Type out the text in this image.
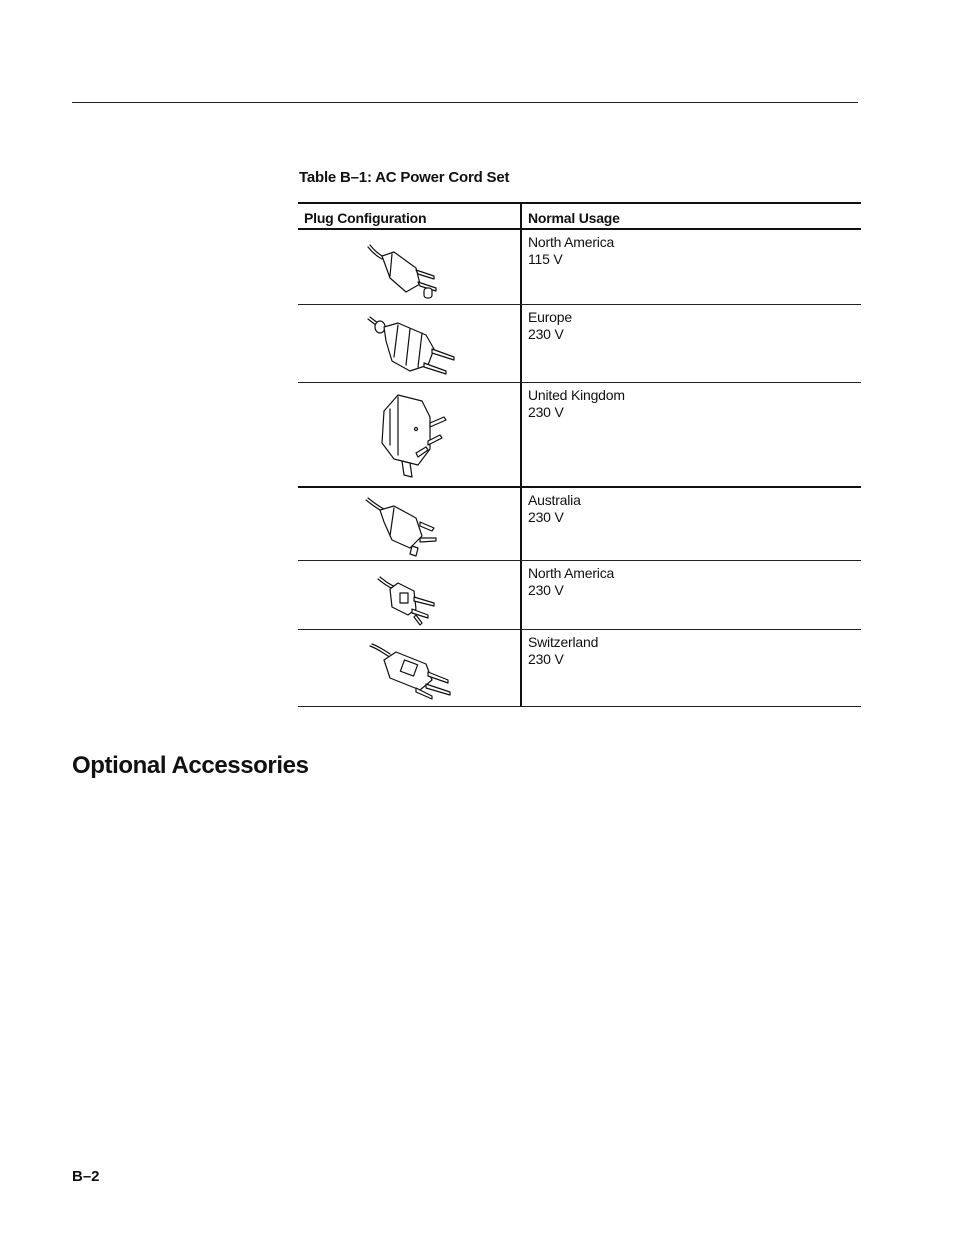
Table B–1: AC Power Cord Set
Plug Configuration	Normal Usage
North America
115 V
Europe
230 V
United Kingdom
230 V
Australia
230 V
North America
230 V
Switzerland
230 V
Optional Accessories
B–2
